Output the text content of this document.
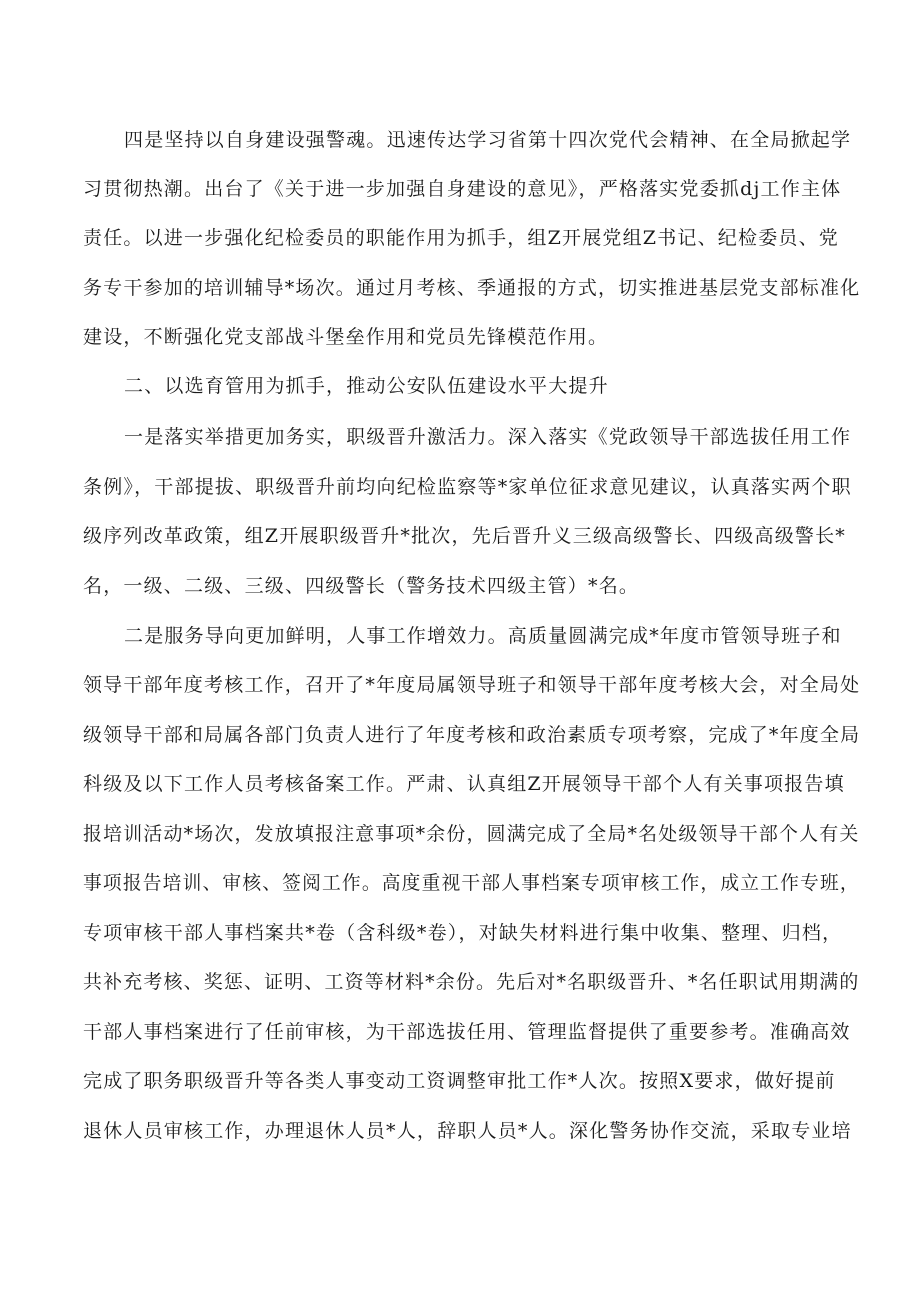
四是坚持以自身建设强警魂。迅速传达学习省第十四次党代会精神、在全局掀起学
习贯彻热潮。出台了《关于进一步加强自身建设的意见》，严格落实党委抓dj工作主体
责任。以进一步强化纪检委员的职能作用为抓手，组Z开展党组Z书记、纪检委员、党
务专干参加的培训辅导*场次。通过月考核、季通报的方式，切实推进基层党支部标准化
建设，不断强化党支部战斗堡垒作用和党员先锋模范作用。
二、以选育管用为抓手，推动公安队伍建设水平大提升
一是落实举措更加务实，职级晋升激活力。深入落实《党政领导干部选拔任用工作
条例》，干部提拔、职级晋升前均向纪检监察等*家单位征求意见建议，认真落实两个职
级序列改革政策，组Z开展职级晋升*批次，先后晋升义三级高级警长、四级高级警长*
名，一级、二级、三级、四级警长（警务技术四级主管）*名。
二是服务导向更加鲜明，人事工作增效力。高质量圆满完成*年度市管领导班子和
领导干部年度考核工作，召开了*年度局属领导班子和领导干部年度考核大会，对全局处
级领导干部和局属各部门负责人进行了年度考核和政治素质专项考察，完成了*年度全局
科级及以下工作人员考核备案工作。严肃、认真组Z开展领导干部个人有关事项报告填
报培训活动*场次，发放填报注意事项*余份，圆满完成了全局*名处级领导干部个人有关
事项报告培训、审核、签阅工作。高度重视干部人事档案专项审核工作，成立工作专班，
专项审核干部人事档案共*卷（含科级*卷），对缺失材料进行集中收集、整理、归档，
共补充考核、奖惩、证明、工资等材料*余份。先后对*名职级晋升、*名任职试用期满的
干部人事档案进行了任前审核，为干部选拔任用、管理监督提供了重要参考。准确高效
完成了职务职级晋升等各类人事变动工资调整审批工作*人次。按照X要求，做好提前
退休人员审核工作，办理退休人员*人，辞职人员*人。深化警务协作交流，采取专业培
